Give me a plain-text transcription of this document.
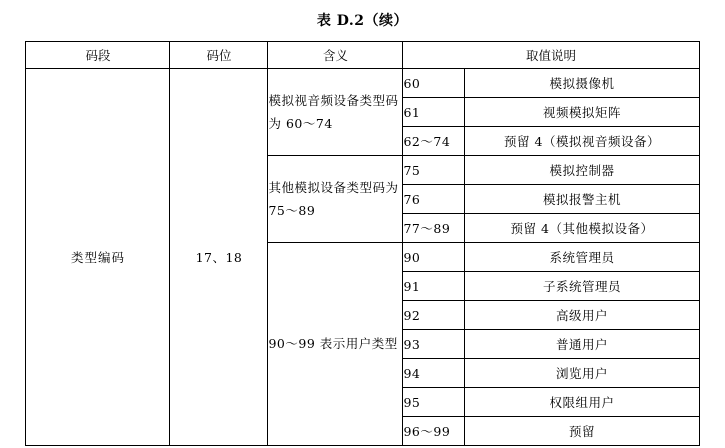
表 D.2（续）
码段	码位	含义	取值说明	
类型编码	17、18	模拟视音频设备类型码为 60～74	60	模拟摄像机
			61	视频模拟矩阵
			62～74	预留 4（模拟视音频设备）
		其他模拟设备类型码为 75～89	75	模拟控制器
			76	模拟报警主机
			77～89	预留 4（其他模拟设备）
		90～99 表示用户类型	90	系统管理员
			91	子系统管理员
			92	高级用户
			93	普通用户
			94	浏览用户
			95	权限组用户
			96～99	预留
